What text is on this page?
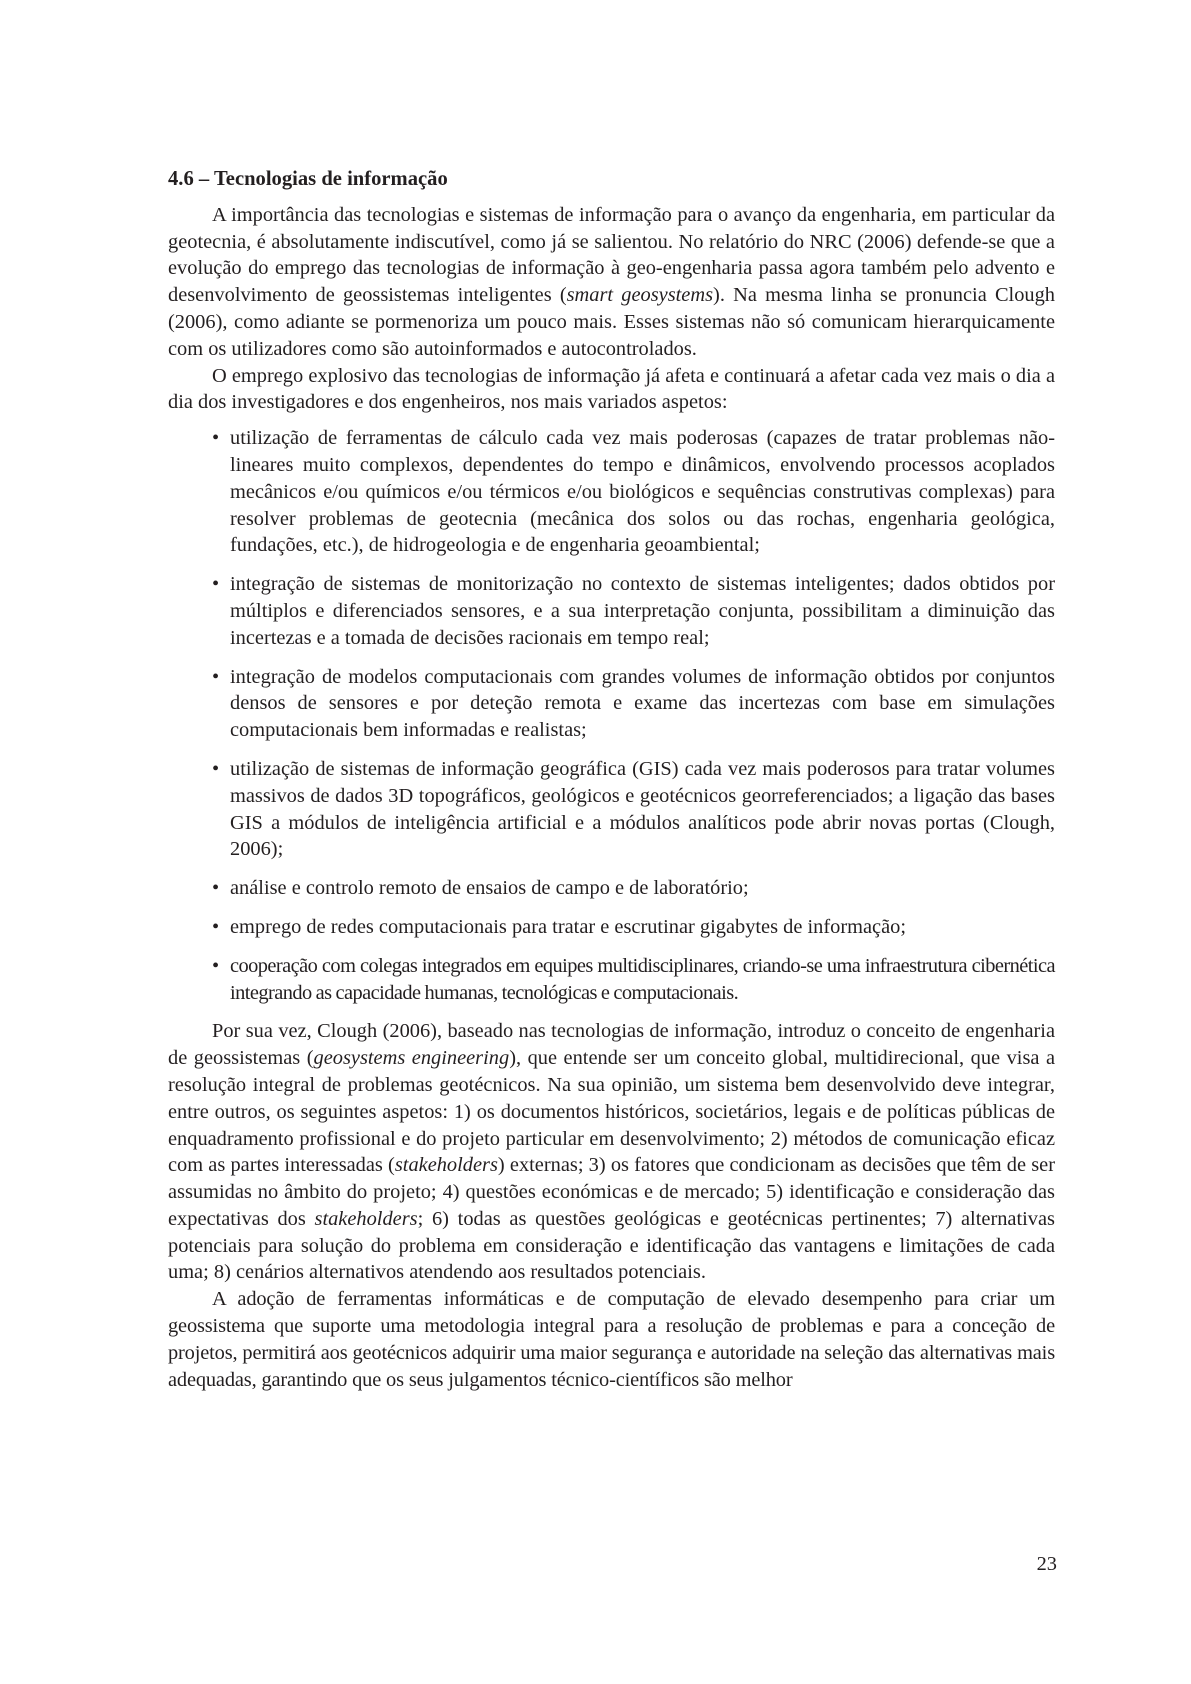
4.6 – Tecnologias de informação

A importância das tecnologias e sistemas de informação para o avanço da engenharia, em particular da geotecnia, é absolutamente indiscutível, como já se salientou. No relatório do NRC (2006) defende-se que a evolução do emprego das tecnologias de informação à geo-engenharia passa agora também pelo advento e desenvolvimento de geossistemas inteligentes (smart geosystems). Na mesma linha se pronuncia Clough (2006), como adiante se pormenoriza um pouco mais. Esses sistemas não só comunicam hierarquicamente com os utilizadores como são autoinformados e autocontrolados.

O emprego explosivo das tecnologias de informação já afeta e continuará a afetar cada vez mais o dia a dia dos investigadores e dos engenheiros, nos mais variados aspetos:

• utilização de ferramentas de cálculo cada vez mais poderosas (capazes de tratar problemas não-lineares muito complexos, dependentes do tempo e dinâmicos, envolvendo processos acoplados mecânicos e/ou químicos e/ou térmicos e/ou biológicos e sequências construtivas complexas) para resolver problemas de geotecnia (mecânica dos solos ou das rochas, engenharia geológica, fundações, etc.), de hidrogeologia e de engenharia geoambiental;
• integração de sistemas de monitorização no contexto de sistemas inteligentes; dados obtidos por múltiplos e diferenciados sensores, e a sua interpretação conjunta, possibilitam a diminuição das incertezas e a tomada de decisões racionais em tempo real;
• integração de modelos computacionais com grandes volumes de informação obtidos por conjuntos densos de sensores e por deteção remota e exame das incertezas com base em simulações computacionais bem informadas e realistas;
• utilização de sistemas de informação geográfica (GIS) cada vez mais poderosos para tratar volumes massivos de dados 3D topográficos, geológicos e geotécnicos georreferenciados; a ligação das bases GIS a módulos de inteligência artificial e a módulos analíticos pode abrir novas portas (Clough, 2006);
• análise e controlo remoto de ensaios de campo e de laboratório;
• emprego de redes computacionais para tratar e escrutinar gigabytes de informação;
• cooperação com colegas integrados em equipes multidisciplinares, criando-se uma infraestrutura cibernética integrando as capacidade humanas, tecnológicas e computacionais.

Por sua vez, Clough (2006), baseado nas tecnologias de informação, introduz o conceito de engenharia de geossistemas (geosystems engineering), que entende ser um conceito global, multidirecional, que visa a resolução integral de problemas geotécnicos. Na sua opinião, um sistema bem desenvolvido deve integrar, entre outros, os seguintes aspetos: 1) os documentos históricos, societários, legais e de políticas públicas de enquadramento profissional e do projeto particular em desenvolvimento; 2) métodos de comunicação eficaz com as partes interessadas (stakeholders) externas; 3) os fatores que condicionam as decisões que têm de ser assumidas no âmbito do projeto; 4) questões económicas e de mercado; 5) identificação e consideração das expectativas dos stakeholders; 6) todas as questões geológicas e geotécnicas pertinentes; 7) alternativas potenciais para solução do problema em consideração e identificação das vantagens e limitações de cada uma; 8) cenários alternativos atendendo aos resultados potenciais.

A adoção de ferramentas informáticas e de computação de elevado desempenho para criar um geossistema que suporte uma metodologia integral para a resolução de problemas e para a conceção de projetos, permitirá aos geotécnicos adquirir uma maior segurança e autoridade na seleção das alternativas mais adequadas, garantindo que os seus julgamentos técnico-científicos são melhor

23
